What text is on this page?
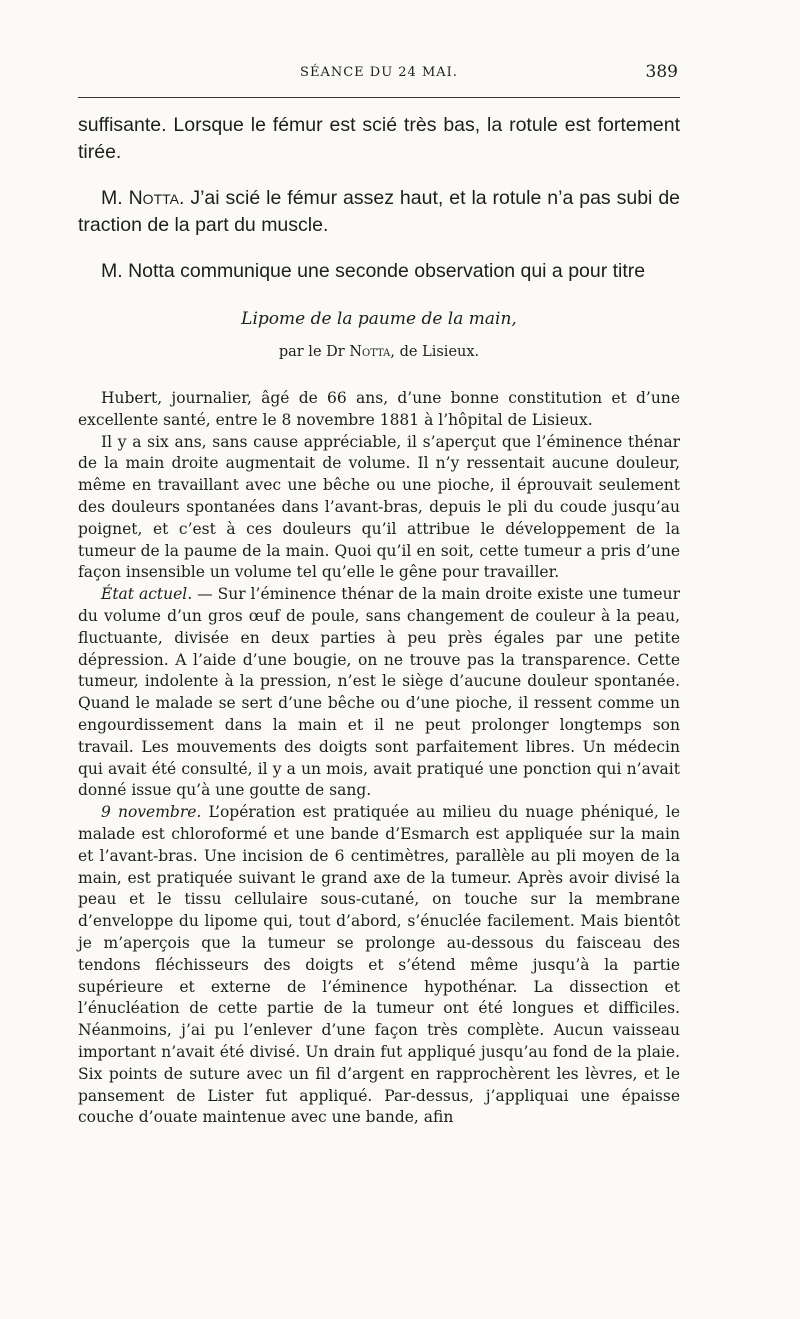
SÉANCE DU 24 MAI.	389

suffisante. Lorsque le fémur est scié très bas, la rotule est fortement tirée.

M. Notta. J’ai scié le fémur assez haut, et la rotule n’a pas subi de traction de la part du muscle.

M. Notta communique une seconde observation qui a pour titre

Lipome de la paume de la main,

par le Dr Notta, de Lisieux.

Hubert, journalier, âgé de 66 ans, d’une bonne constitution et d’une excellente santé, entre le 8 novembre 1881 à l’hôpital de Lisieux.

Il y a six ans, sans cause appréciable, il s’aperçut que l’éminence thénar de la main droite augmentait de volume. Il n’y ressentait aucune douleur, même en travaillant avec une bêche ou une pioche, il éprouvait seulement des douleurs spontanées dans l’avant-bras, depuis le pli du coude jusqu’au poignet, et c’est à ces douleurs qu’il attribue le développement de la tumeur de la paume de la main. Quoi qu’il en soit, cette tumeur a pris d’une façon insensible un volume tel qu’elle le gêne pour travailler.

État actuel. — Sur l’éminence thénar de la main droite existe une tumeur du volume d’un gros œuf de poule, sans changement de couleur à la peau, fluctuante, divisée en deux parties à peu près égales par une petite dépression. A l’aide d’une bougie, on ne trouve pas la transparence. Cette tumeur, indolente à la pression, n’est le siège d’aucune douleur spontanée. Quand le malade se sert d’une bêche ou d’une pioche, il ressent comme un engourdissement dans la main et il ne peut prolonger longtemps son travail. Les mouvements des doigts sont parfaitement libres. Un médecin qui avait été consulté, il y a un mois, avait pratiqué une ponction qui n’avait donné issue qu’à une goutte de sang.

9 novembre. L’opération est pratiquée au milieu du nuage phéniqué, le malade est chloroformé et une bande d’Esmarch est appliquée sur la main et l’avant-bras. Une incision de 6 centimètres, parallèle au pli moyen de la main, est pratiquée suivant le grand axe de la tumeur. Après avoir divisé la peau et le tissu cellulaire sous-cutané, on touche sur la membrane d’enveloppe du lipome qui, tout d’abord, s’énuclée facilement. Mais bientôt je m’aperçois que la tumeur se prolonge au-dessous du faisceau des tendons fléchisseurs des doigts et s’étend même jusqu’à la partie supérieure et externe de l’éminence hypothénar. La dissection et l’énucléation de cette partie de la tumeur ont été longues et difficiles. Néanmoins, j’ai pu l’enlever d’une façon très complète. Aucun vaisseau important n’avait été divisé. Un drain fut appliqué jusqu’au fond de la plaie. Six points de suture avec un fil d’argent en rapprochèrent les lèvres, et le pansement de Lister fut appliqué. Par-dessus, j’appliquai une épaisse couche d’ouate maintenue avec une bande, afin
